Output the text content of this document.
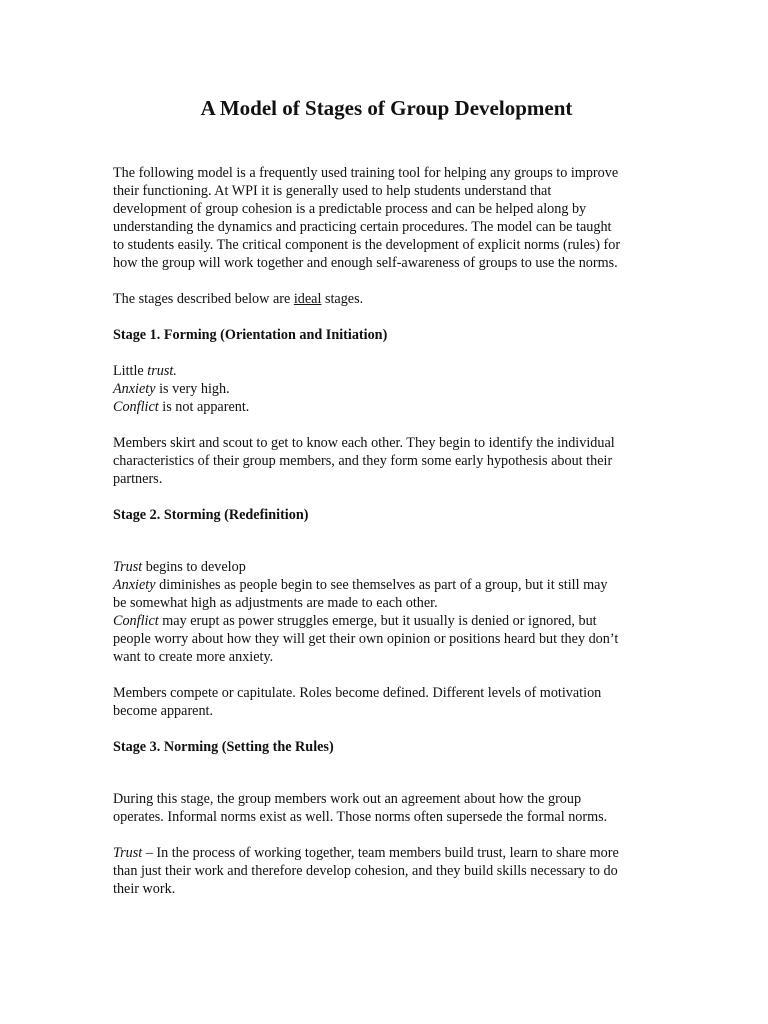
A Model of Stages of Group Development

The following model is a frequently used training tool for helping any groups to improve

their functioning. At WPI it is generally used to help students understand that

development of group cohesion is a predictable process and can be helped along by

understanding the dynamics and practicing certain procedures. The model can be taught

to students easily. The critical component is the development of explicit norms (rules) for

how the group will work together and enough self-awareness of groups to use the norms.

The stages described below are ideal stages.

Stage 1. Forming (Orientation and Initiation)

Little trust.

Anxiety is very high.

Conflict is not apparent.

Members skirt and scout to get to know each other. They begin to identify the individual

characteristics of their group members, and they form some early hypothesis about their

partners.

Stage 2. Storming (Redefinition)

Trust begins to develop

Anxiety diminishes as people begin to see themselves as part of a group, but it still may

be somewhat high as adjustments are made to each other.

Conflict may erupt as power struggles emerge, but it usually is denied or ignored, but

people worry about how they will get their own opinion or positions heard but they don’t

want to create more anxiety.

Members compete or capitulate. Roles become defined. Different levels of motivation

become apparent.

Stage 3. Norming (Setting the Rules)

During this stage, the group members work out an agreement about how the group

operates. Informal norms exist as well. Those norms often supersede the formal norms.

Trust – In the process of working together, team members build trust, learn to share more

than just their work and therefore develop cohesion, and they build skills necessary to do

their work.
